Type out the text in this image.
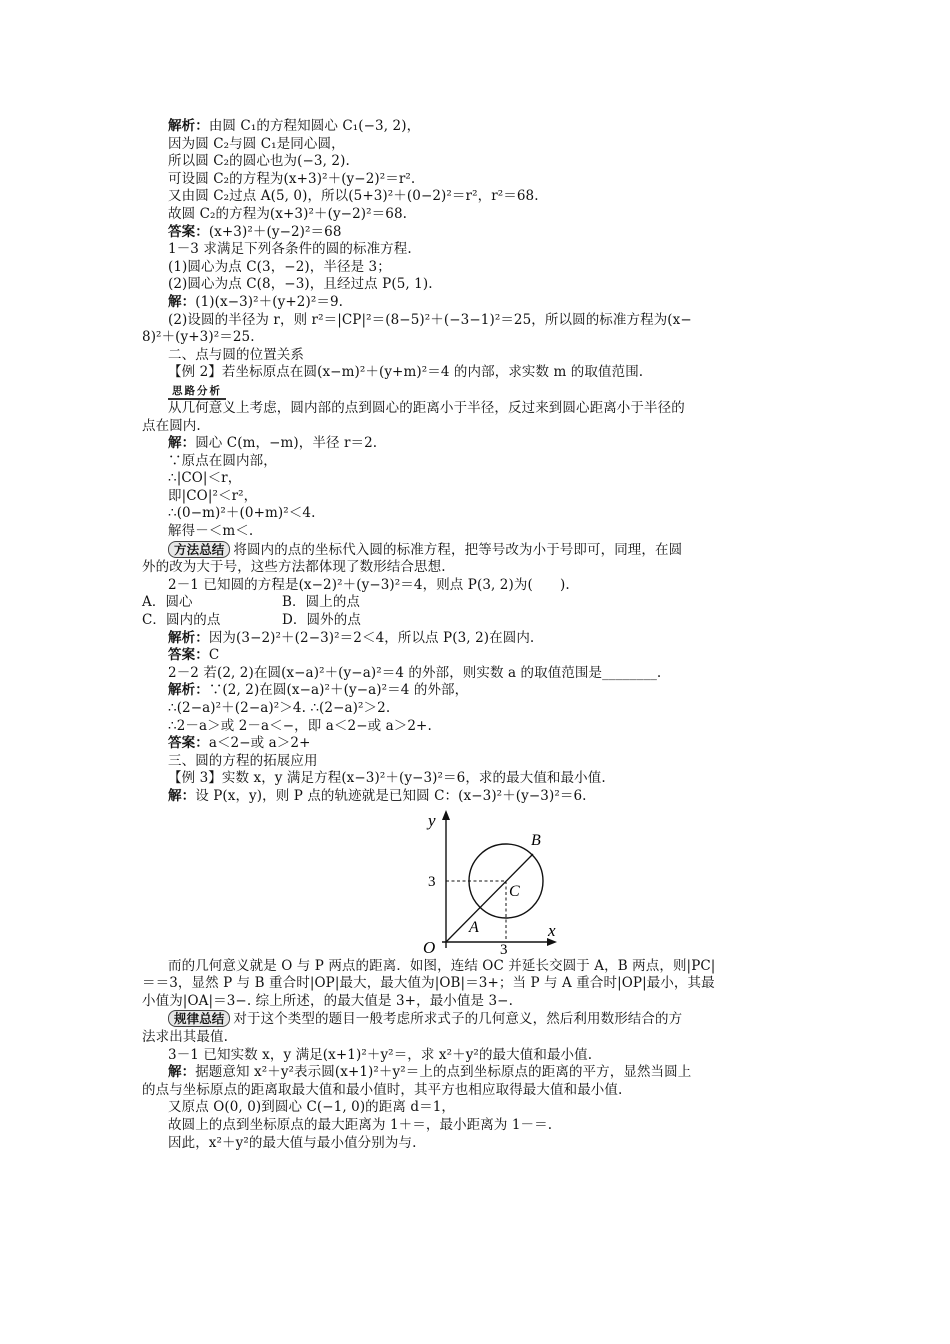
解析：由圆 C₁的方程知圆心 C₁(−3, 2)，

因为圆 C₂与圆 C₁是同心圆，

所以圆 C₂的圆心也为(−3, 2).

可设圆 C₂的方程为(x+3)²＋(y−2)²＝r².

又由圆 C₂过点 A(5, 0)，所以(5+3)²＋(0−2)²＝r²，r²＝68.

故圆 C₂的方程为(x+3)²＋(y−2)²＝68.

答案：(x+3)²＋(y−2)²＝68

1－3 求满足下列各条件的圆的标准方程.

(1)圆心为点 C(3，−2)，半径是 3；

(2)圆心为点 C(8，−3)，且经过点 P(5, 1).

解：(1)(x−3)²＋(y+2)²＝9.

(2)设圆的半径为 r，则 r²＝|CP|²＝(8−5)²＋(−3−1)²＝25，所以圆的标准方程为(x−

8)²＋(y+3)²＝25.

二、点与圆的位置关系

【例 2】若坐标原点在圆(x−m)²＋(y+m)²＝4 的内部，求实数 m 的取值范围.

思路分析

从几何意义上考虑，圆内部的点到圆心的距离小于半径，反过来到圆心距离小于半径的

点在圆内.

解：圆心 C(m，−m)，半径 r＝2.

∵原点在圆内部，

∴|CO|＜r，

即|CO|²＜r²，

∴(0−m)²＋(0+m)²＜4.

解得－＜m＜.

方法总结 将圆内的点的坐标代入圆的标准方程，把等号改为小于号即可，同理，在圆

外的改为大于号，这些方法都体现了数形结合思想.

2－1 已知圆的方程是(x−2)²＋(y−3)²＝4，则点 P(3, 2)为(　　).

A．圆心	B．圆上的点

C．圆内的点	D．圆外的点

解析：因为(3−2)²＋(2−3)²＝2＜4，所以点 P(3, 2)在圆内.

答案：C

2－2 若(2, 2)在圆(x−a)²＋(y−a)²＝4 的外部，则实数 a 的取值范围是________.

解析：∵(2, 2)在圆(x−a)²＋(y−a)²＝4 的外部，

∴(2−a)²＋(2−a)²＞4. ∴(2−a)²＞2.

∴2－a＞或 2－a＜−，即 a＜2−或 a＞2+.

答案：a＜2−或 a＞2+

三、圆的方程的拓展应用

【例 3】实数 x，y 满足方程(x−3)²＋(y−3)²＝6，求的最大值和最小值.

解：设 P(x，y)，则 P 点的轨迹就是已知圆 C：(x−3)²＋(y−3)²＝6.

y
x
O
3
3
B
C
A

而的几何意义就是 O 与 P 两点的距离．如图，连结 OC 并延长交圆于 A，B 两点，则|PC|

＝＝3，显然 P 与 B 重合时|OP|最大，最大值为|OB|＝3+；当 P 与 A 重合时|OP|最小，其最

小值为|OA|＝3−. 综上所述，的最大值是 3+，最小值是 3−.

规律总结 对于这个类型的题目一般考虑所求式子的几何意义，然后利用数形结合的方

法求出其最值.

3－1 已知实数 x，y 满足(x+1)²＋y²＝，求 x²＋y²的最大值和最小值.

解：据题意知 x²＋y²表示圆(x+1)²＋y²＝上的点到坐标原点的距离的平方，显然当圆上

的点与坐标原点的距离取最大值和最小值时，其平方也相应取得最大值和最小值.

又原点 O(0, 0)到圆心 C(−1, 0)的距离 d＝1，

故圆上的点到坐标原点的最大距离为 1＋＝，最小距离为 1－＝.

因此，x²＋y²的最大值与最小值分别为与.
